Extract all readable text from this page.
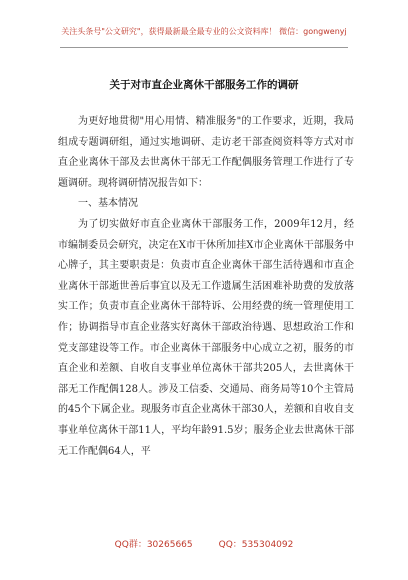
关注头条号"公文研究"，获得最新最全最专业的公文资料库！ 微信：gongwenyj
关于对市直企业离休干部服务工作的调研

为更好地贯彻"用心用情、精准服务"的工作要求，近期，我局组成专题调研组，通过实地调研、走访老干部查阅资料等方式对市直企业离休干部及去世离休干部无工作配偶服务管理工作进行了专题调研。现将调研情况报告如下：

一、基本情况

为了切实做好市直企业离休干部服务工作，2009年12月，经市编制委员会研究，决定在X市干休所加挂X市企业离休干部服务中心牌子，其主要职责是：负责市直企业离休干部生活待遇和市直企业离休干部逝世善后事宜以及无工作遗属生活困难补助费的发放落实工作；负责市直企业离休干部特诉、公用经费的统一管理使用工作；协调指导市直企业落实好离休干部政治待遇、思想政治工作和党支部建设等工作。市企业离休干部服务中心成立之初，服务的市直企业和差额、自收自支事业单位离休干部共205人，去世离休干部无工作配偶128人。涉及工信委、交通局、商务局等10个主管局的45个下属企业。现服务市直企业离休干部30人，差额和自收自支事业单位离休干部11人，平均年龄91.5岁；服务企业去世离休干部无工作配偶64人，平

QQ群：30265665	QQ：535304092
